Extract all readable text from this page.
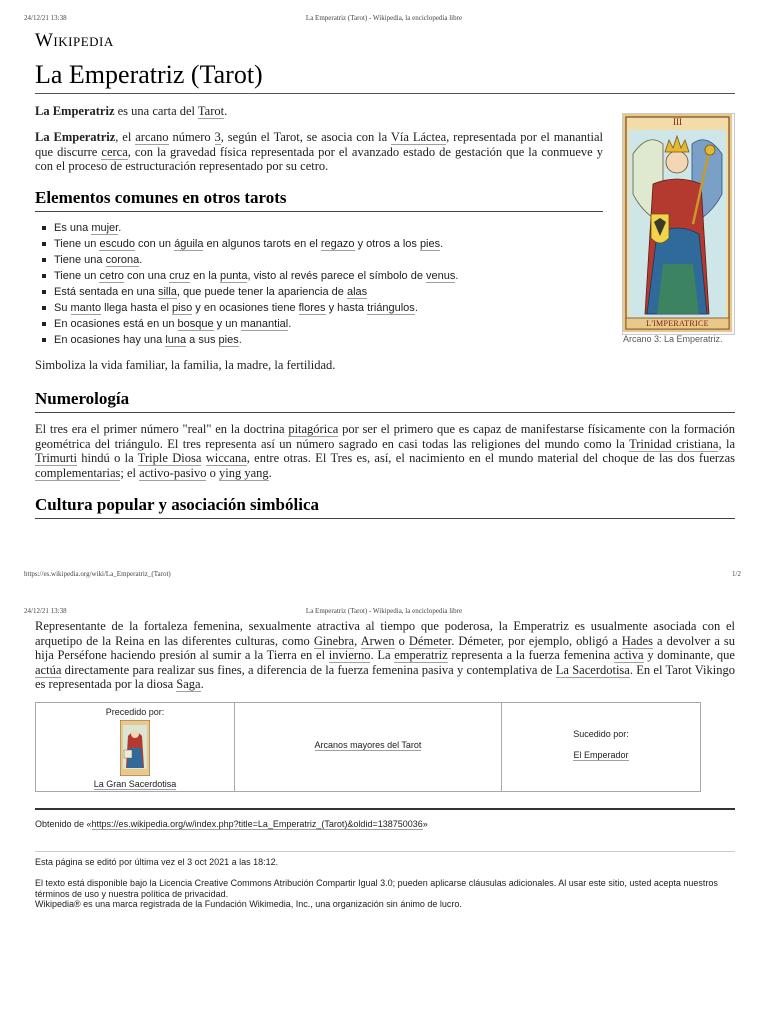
24/12/21 13:38	La Emperatriz (Tarot) - Wikipedia, la enciclopedia libre
Wikipedia
La Emperatriz (Tarot)

La Emperatriz es una carta del Tarot.

La Emperatriz, el arcano número 3, según el Tarot, se asocia con la Vía Láctea, representada por el manantial que discurre cerca, con la gravedad física representada por el avanzado estado de gestación que la conmueve y con el proceso de estructuración representado por su cetro.

III
L'IMPERATRICE
Arcano 3: La Emperatriz.
Elementos comunes en otros tarots
Es una mujer.
Tiene un escudo con un águila en algunos tarots en el regazo y otros a los pies.
Tiene una corona.
Tiene un cetro con una cruz en la punta, visto al revés parece el símbolo de venus.
Está sentada en una silla, que puede tener la apariencia de alas
Su manto llega hasta el piso y en ocasiones tiene flores y hasta triángulos.
En ocasiones está en un bosque y un manantial.
En ocasiones hay una luna a sus pies.

Simboliza la vida familiar, la familia, la madre, la fertilidad.

Numerología

El tres era el primer número "real" en la doctrina pitagórica por ser el primero que es capaz de manifestarse físicamente con la formación geométrica del triángulo. El tres representa así un número sagrado en casi todas las religiones del mundo como la Trinidad cristiana, la Trimurti hindú o la Triple Diosa wiccana, entre otras. El Tres es, así, el nacimiento en el mundo material del choque de las dos fuerzas complementarias; el activo-pasivo o ying yang.

Cultura popular y asociación simbólica
https://es.wikipedia.org/wiki/La_Emperatriz_(Tarot)	1/2
24/12/21 13:38	La Emperatriz (Tarot) - Wikipedia, la enciclopedia libre

Representante de la fortaleza femenina, sexualmente atractiva al tiempo que poderosa, la Emperatriz es usualmente asociada con el arquetipo de la Reina en las diferentes culturas, como Ginebra, Arwen o Démeter. Démeter, por ejemplo, obligó a Hades a devolver a su hija Perséfone haciendo presión al sumir a la Tierra en el invierno. La emperatriz representa a la fuerza femenina activa y dominante, que actúa directamente para realizar sus fines, a diferencia de la fuerza femenina pasiva y contemplativa de La Sacerdotisa. En el Tarot Vikingo es representada por la diosa Saga.

Precedido por:
La Gran Sacerdotisa
Arcanos mayores del Tarot
Sucedido por:
El Emperador
Obtenido de «https://es.wikipedia.org/w/index.php?title=La_Emperatriz_(Tarot)&oldid=138750036»
Esta página se editó por última vez el 3 oct 2021 a las 18:12.
El texto está disponible bajo la Licencia Creative Commons Atribución Compartir Igual 3.0; pueden aplicarse cláusulas adicionales. Al usar este sitio, usted acepta nuestros términos de uso y nuestra política de privacidad.
Wikipedia® es una marca registrada de la Fundación Wikimedia, Inc., una organización sin ánimo de lucro.
